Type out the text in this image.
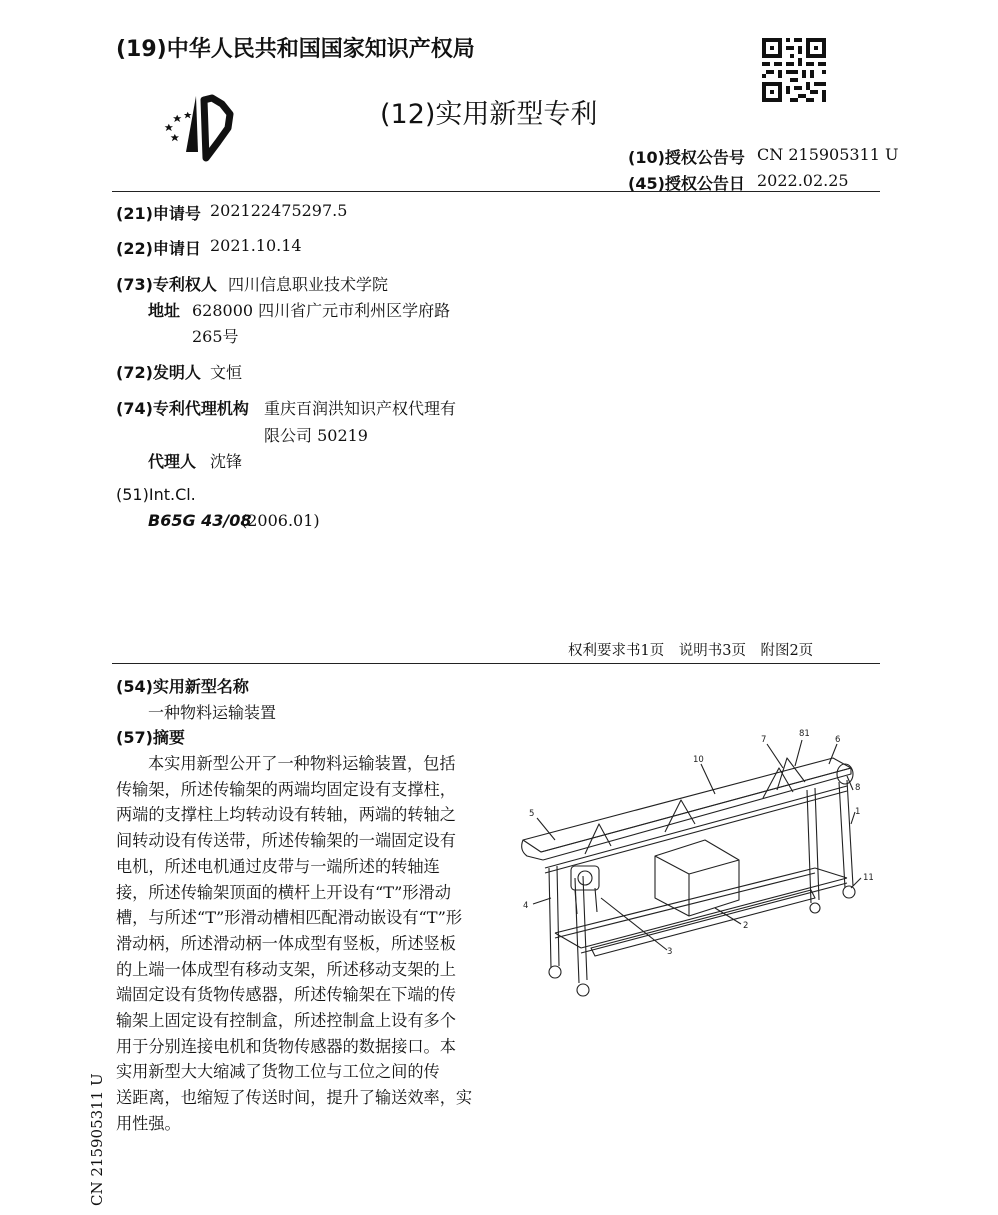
(19)中华人民共和国国家知识产权局
(12)实用新型专利
(10)授权公告号 CN 215905311 U
(45)授权公告日 2022.02.25
(21)申请号 202122475297.5
(22)申请日 2021.10.14
(73)专利权人 四川信息职业技术学院
地址 628000 四川省广元市利州区学府路
265号
(72)发明人 文恒
(74)专利代理机构 重庆百润洪知识产权代理有
限公司 50219
代理人 沈锋
(51)Int.Cl.
B65G 43/08
(2006.01)
权利要求书1页　说明书3页　附图2页
(54)实用新型名称
一种物料运输装置
(57)摘要

本实用新型公开了一种物料运输装置，包括

传输架，所述传输架的两端均固定设有支撑柱，

两端的支撑柱上均转动设有转轴，两端的转轴之

间转动设有传送带，所述传输架的一端固定设有

电机，所述电机通过皮带与一端所述的转轴连

接，所述传输架顶面的横杆上开设有“T”形滑动

槽，与所述“T”形滑动槽相匹配滑动嵌设有“T”形

滑动柄，所述滑动柄一体成型有竖板，所述竖板

的上端一体成型有移动支架，所述移动支架的上

端固定设有货物传感器，所述传输架在下端的传

输架上固定设有控制盒，所述控制盒上设有多个

用于分别连接电机和货物传感器的数据接口。本

实用新型大大缩减了货物工位与工位之间的传

送距离，也缩短了传送时间，提升了输送效率，实

用性强。

81
7	6
10
8
5	1
11
4
2
3
CN 215905311 U
